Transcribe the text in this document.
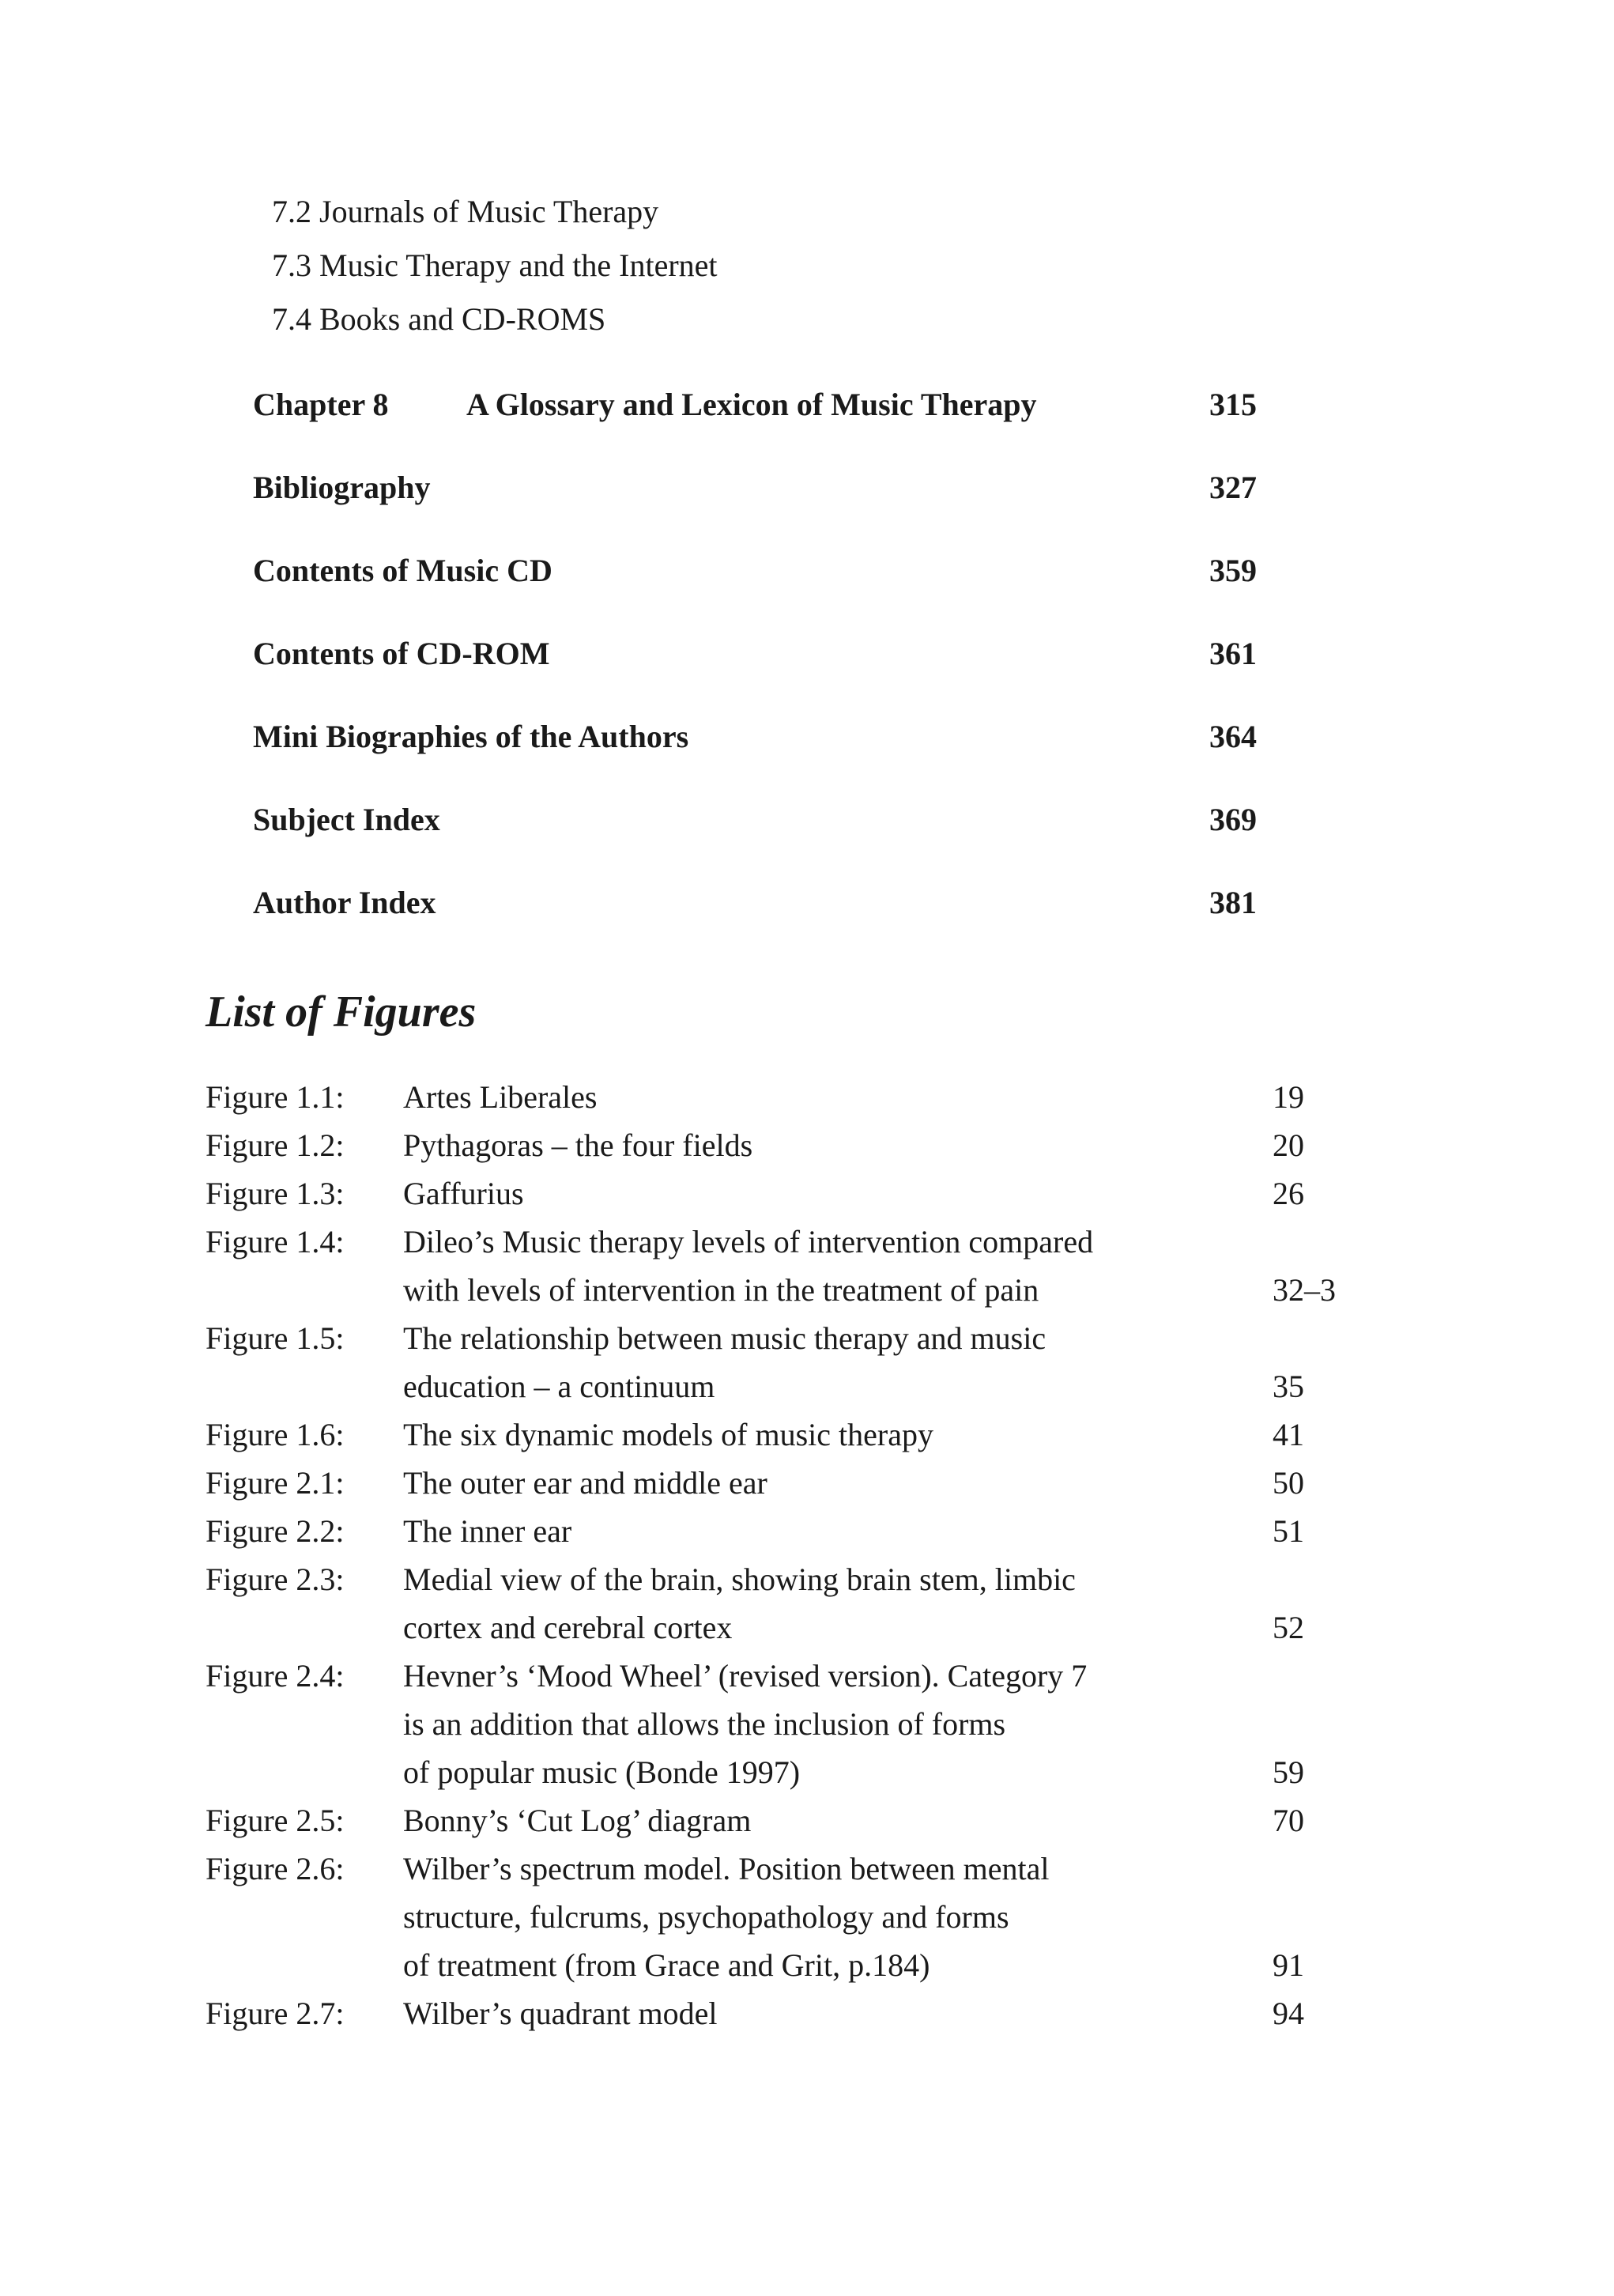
7.2 Journals of Music Therapy
7.3 Music Therapy and the Internet
7.4 Books and CD-ROMS
Chapter 8 A Glossary and Lexicon of Music Therapy	315
Bibliography	327
Contents of Music CD	359
Contents of CD-ROM	361
Mini Biographies of the Authors	364
Subject Index	369
Author Index	381
List of Figures
Figure 1.1: Artes Liberales	19
Figure 1.2: Pythagoras – the four fields	20
Figure 1.3: Gaffurius	26
Figure 1.4: Dileo’s Music therapy levels of intervention compared
with levels of intervention in the treatment of pain	32–3
Figure 1.5: The relationship between music therapy and music
education – a continuum	35
Figure 1.6: The six dynamic models of music therapy	41
Figure 2.1: The outer ear and middle ear	50
Figure 2.2: The inner ear	51
Figure 2.3: Medial view of the brain, showing brain stem, limbic
cortex and cerebral cortex	52
Figure 2.4: Hevner’s ‘Mood Wheel’ (revised version). Category 7
is an addition that allows the inclusion of forms
of popular music (Bonde 1997)	59
Figure 2.5: Bonny’s ‘Cut Log’ diagram	70
Figure 2.6: Wilber’s spectrum model. Position between mental
structure, fulcrums, psychopathology and forms
of treatment (from Grace and Grit, p.184)	91
Figure 2.7: Wilber’s quadrant model	94
